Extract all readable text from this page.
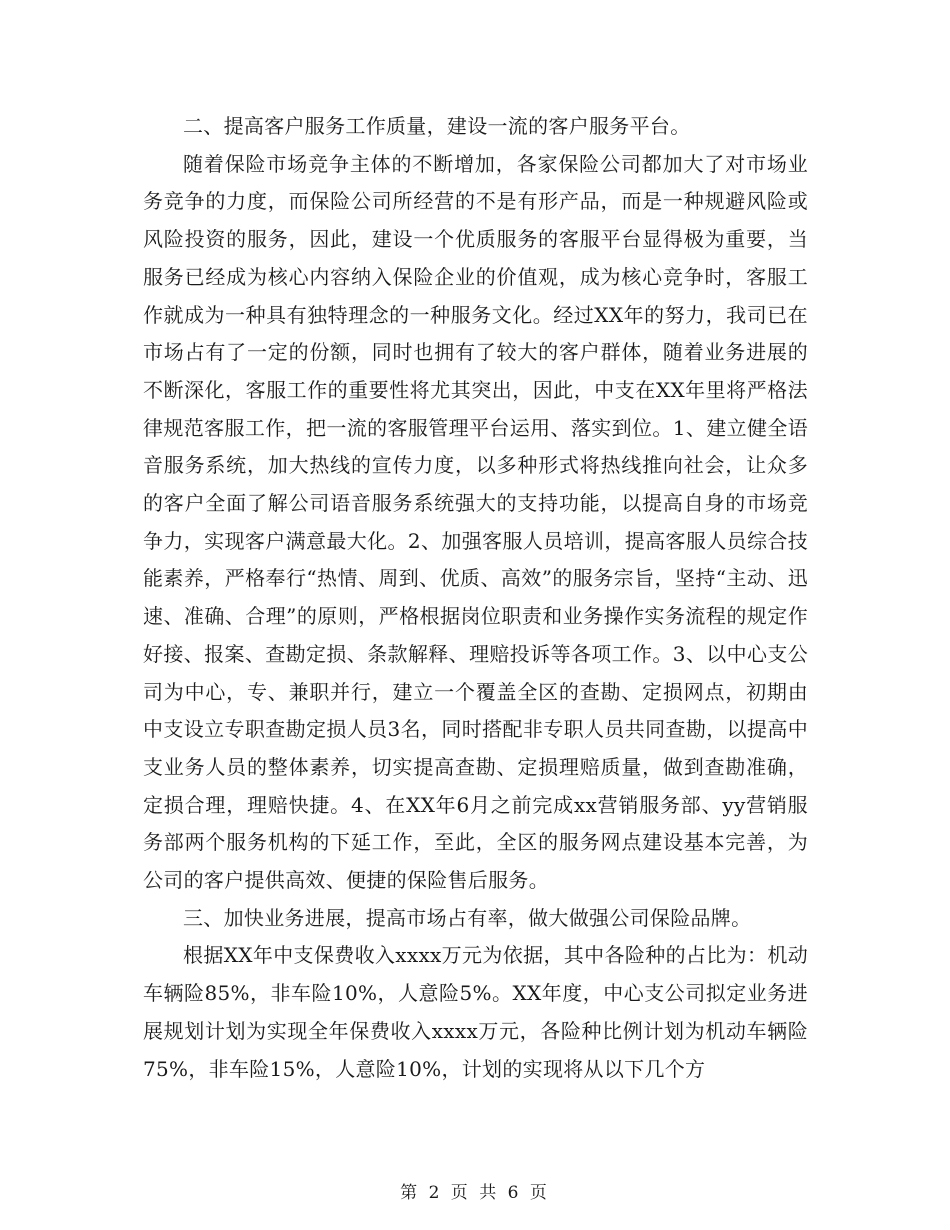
二、提高客户服务工作质量，建设一流的客户服务平台。

随着保险市场竞争主体的不断增加，各家保险公司都加大了对市场业务竞争的力度，而保险公司所经营的不是有形产品，而是一种规避风险或风险投资的服务，因此，建设一个优质服务的客服平台显得极为重要，当服务已经成为核心内容纳入保险企业的价值观，成为核心竞争时，客服工作就成为一种具有独特理念的一种服务文化。经过XX年的努力，我司已在市场占有了一定的份额，同时也拥有了较大的客户群体，随着业务进展的不断深化，客服工作的重要性将尤其突出，因此，中支在XX年里将严格法律规范客服工作，把一流的客服管理平台运用、落实到位。1、建立健全语音服务系统，加大热线的宣传力度，以多种形式将热线推向社会，让众多的客户全面了解公司语音服务系统强大的支持功能，以提高自身的市场竞争力，实现客户满意最大化。2、加强客服人员培训，提高客服人员综合技能素养，严格奉行“热情、周到、优质、高效”的服务宗旨，坚持“主动、迅速、准确、合理”的原则，严格根据岗位职责和业务操作实务流程的规定作好接、报案、查勘定损、条款解释、理赔投诉等各项工作。3、以中心支公司为中心，专、兼职并行，建立一个覆盖全区的查勘、定损网点，初期由中支设立专职查勘定损人员3名，同时搭配非专职人员共同查勘，以提高中支业务人员的整体素养，切实提高查勘、定损理赔质量，做到查勘准确，定损合理，理赔快捷。4、在XX年6月之前完成xx营销服务部、yy营销服务部两个服务机构的下延工作，至此，全区的服务网点建设基本完善，为公司的客户提供高效、便捷的保险售后服务。

三、加快业务进展，提高市场占有率，做大做强公司保险品牌。

根据XX年中支保费收入xxxx万元为依据，其中各险种的占比为：机动车辆险85%，非车险10%，人意险5%。XX年度，中心支公司拟定业务进展规划计划为实现全年保费收入xxxx万元，各险种比例计划为机动车辆险75%，非车险15%，人意险10%，计划的实现将从以下几个方

第 2 页 共 6 页
